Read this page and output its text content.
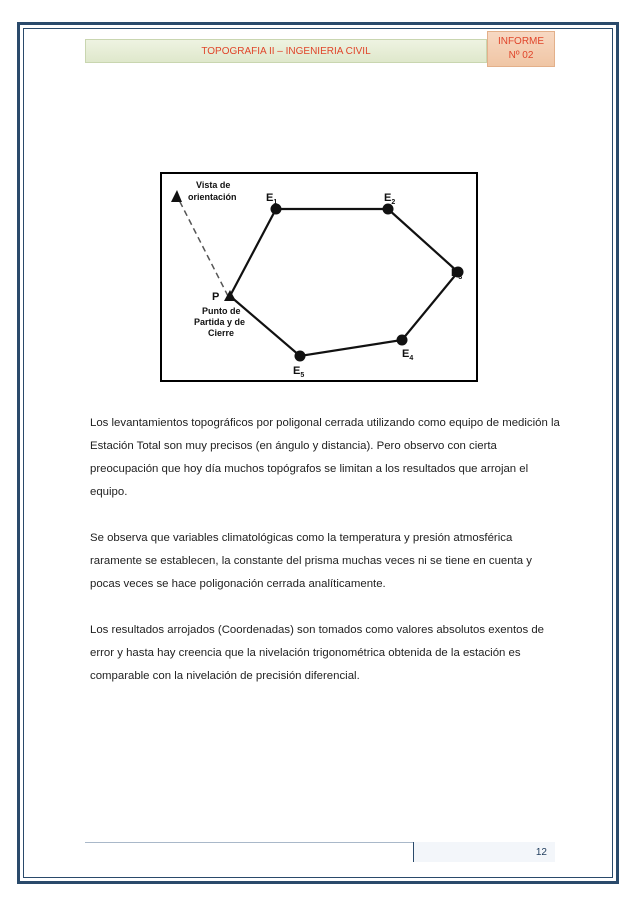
TOPOGRAFIA II – INGENIERIA CIVIL
INFORME
Nº 02
Vista de
orientación
P
Punto de
Partida y de
Cierre
$E_1$	$E_2$
$E_3$
$E_4$
$E_5$

Los levantamientos topográficos por poligonal cerrada utilizando como equipo de medición la Estación Total son muy precisos (en ángulo y distancia). Pero observo con cierta preocupación que hoy día muchos topógrafos se limitan a los resultados que arrojan el equipo.

Se observa que variables climatológicas como la temperatura y presión atmosférica raramente se establecen, la constante del prisma muchas veces ni se tiene en cuenta y pocas veces se hace poligonación cerrada analíticamente.

Los resultados arrojados (Coordenadas) son tomados como valores absolutos exentos de error y hasta hay creencia que la nivelación trigonométrica obtenida de la estación es comparable con la nivelación de precisión diferencial.

12
